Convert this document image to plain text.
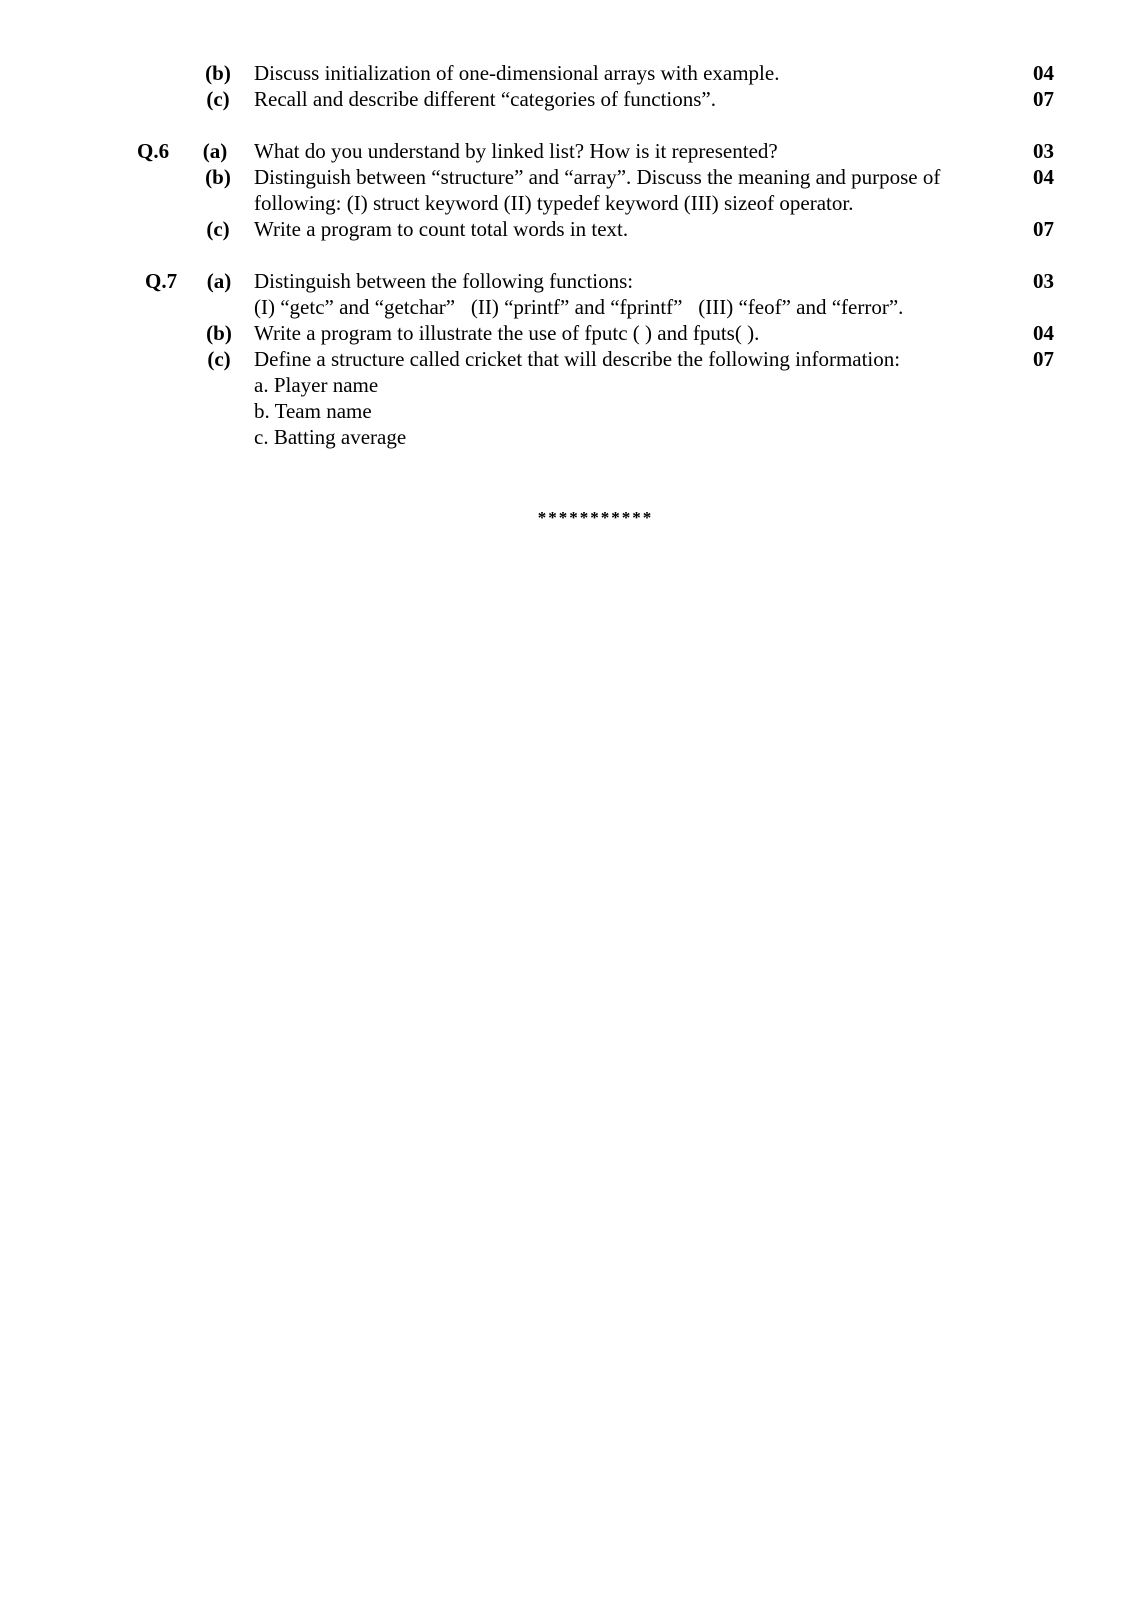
(b)	Discuss initialization of one-dimensional arrays with example.	04
(c)	Recall and describe different “categories of functions”.	07
Q.6	(a)	What do you understand by linked list? How is it represented?	03
(b)	Distinguish between “structure” and “array”. Discuss the meaning and purpose of	04
following: (I) struct keyword (II) typedef keyword (III) sizeof operator.
(c)	Write a program to count total words in text.	07
Q.7	(a)	Distinguish between the following functions:	03
(I) “getc” and “getchar”   (II) “printf” and “fprintf”   (III) “feof” and “ferror”.
(b)	Write a program to illustrate the use of fputc ( ) and fputs( ).	04
(c)	Define a structure called cricket that will describe the following information:	07
a. Player name
b. Team name
c. Batting average
***********
